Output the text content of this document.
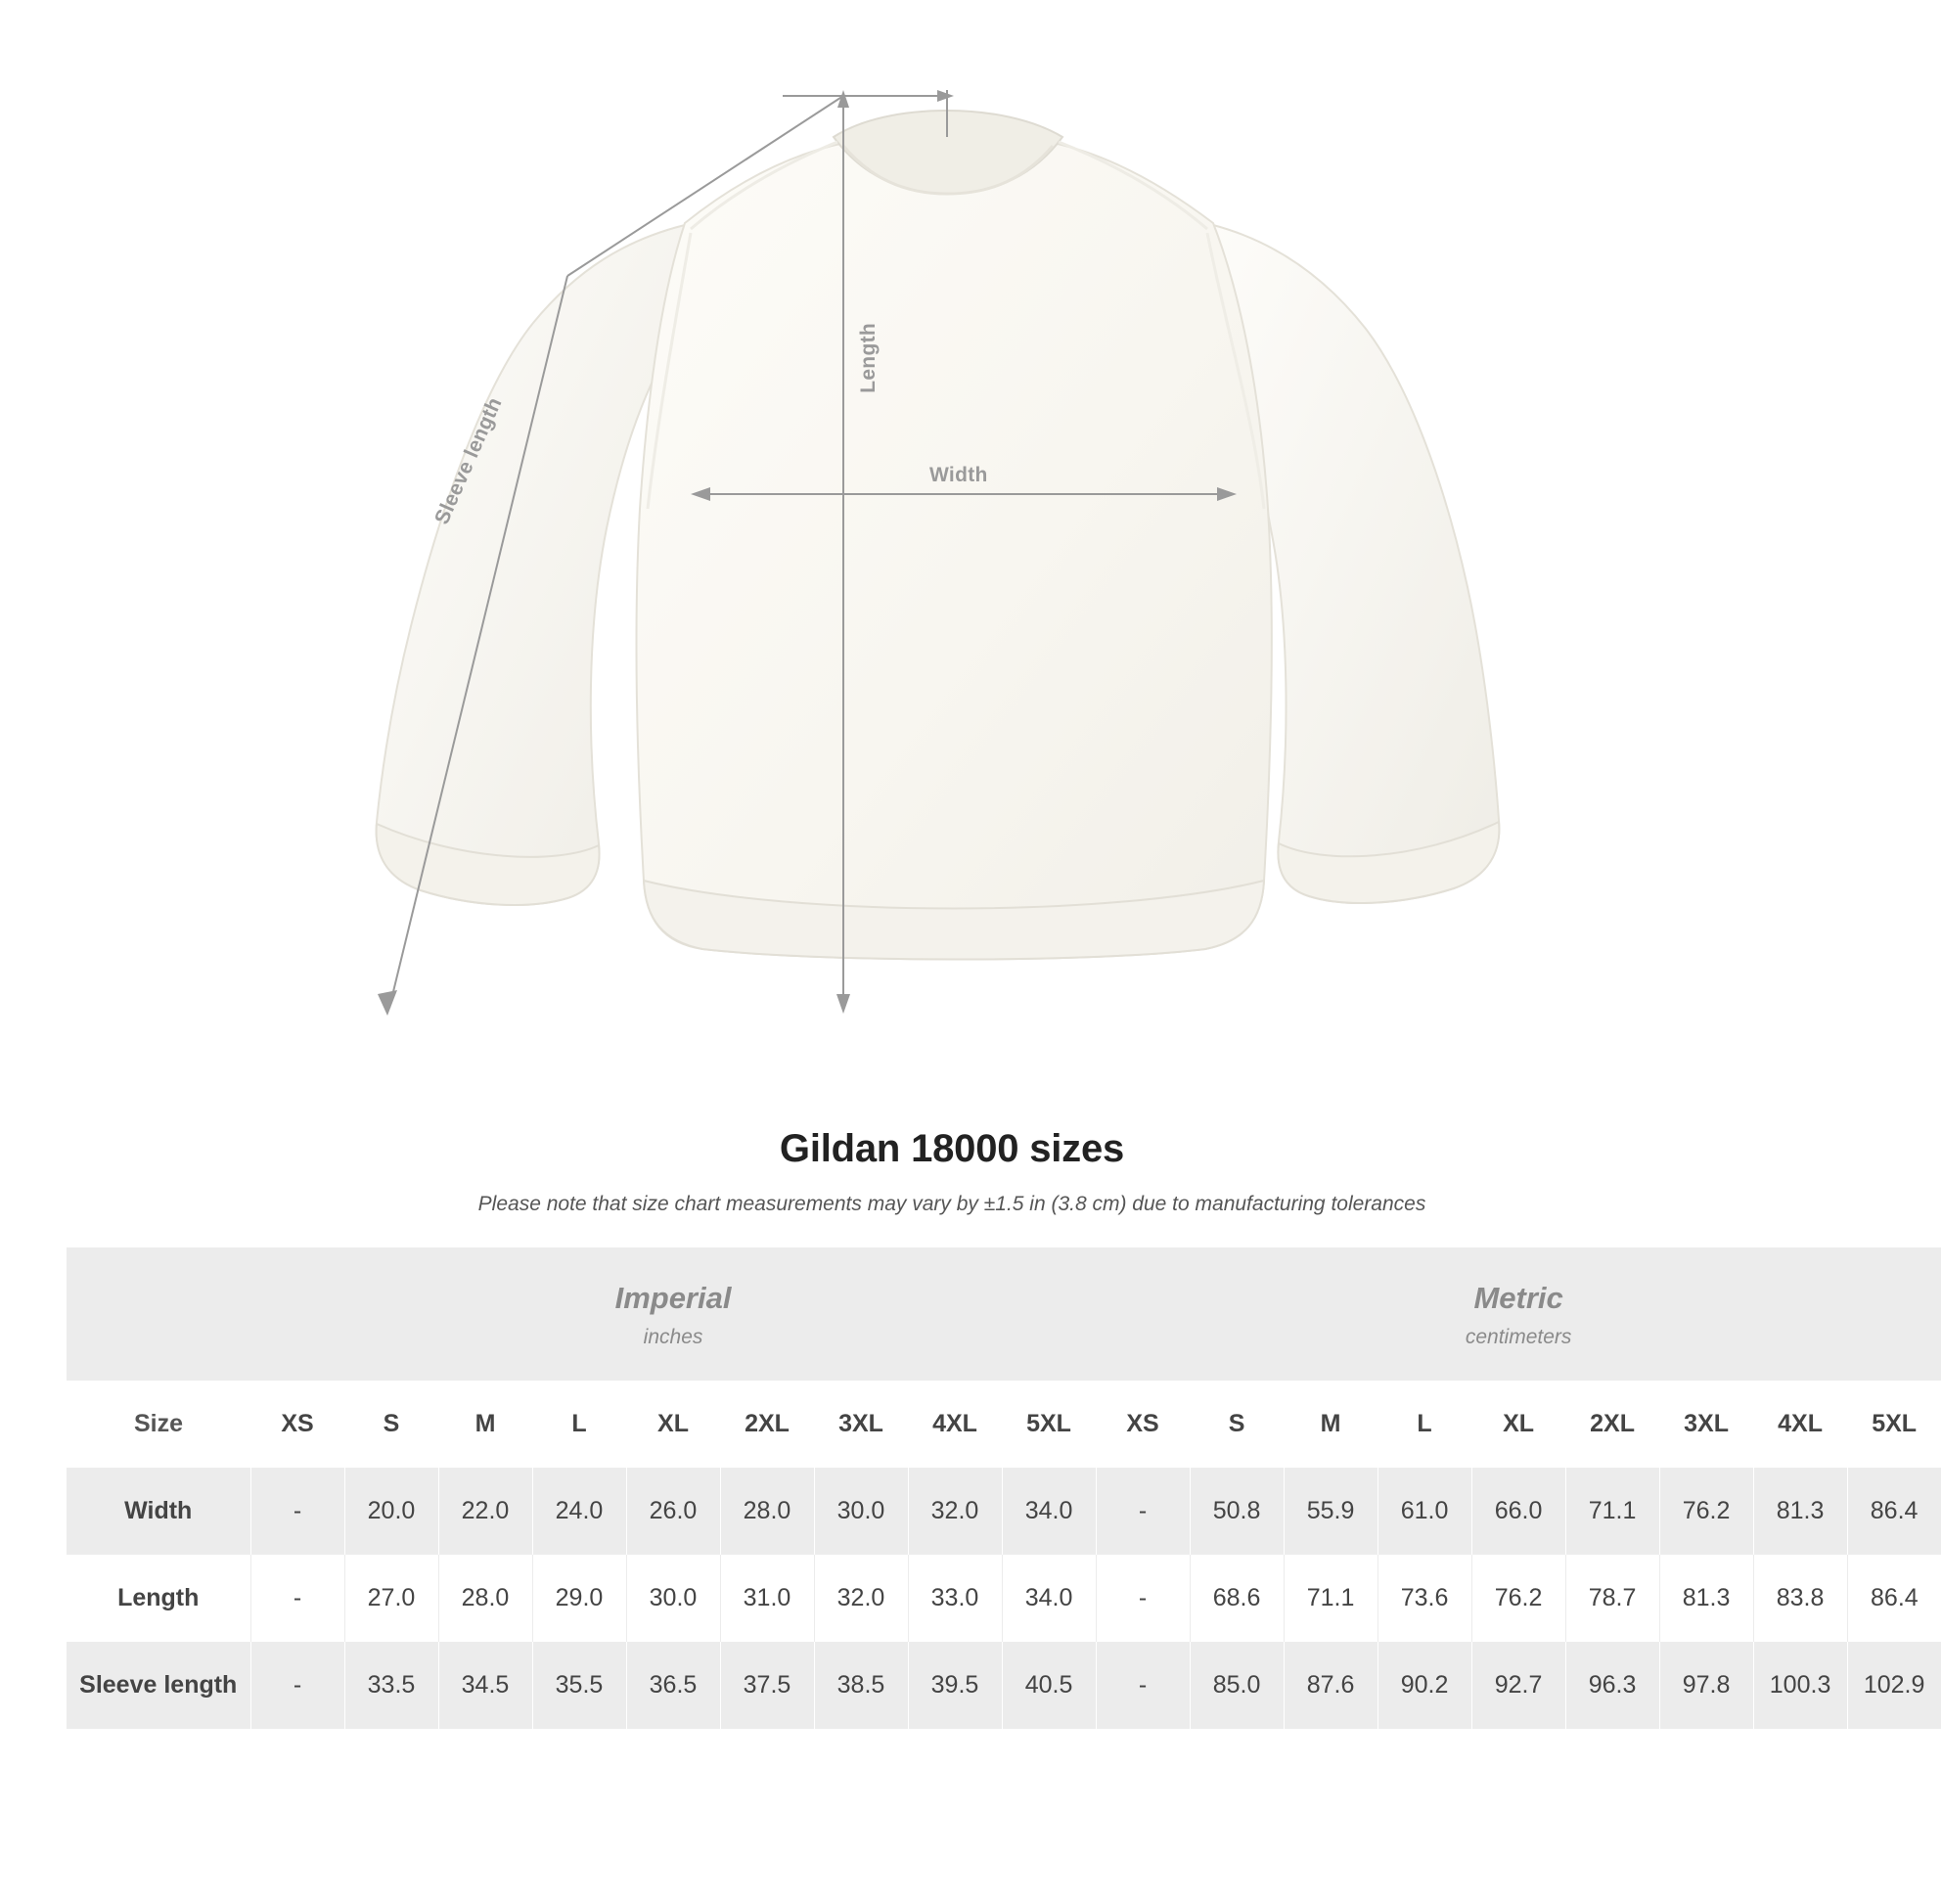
Width
Length
Sleeve length
Gildan 18000 sizes
Please note that size chart measurements may vary by ±1.5 in (3.8 cm) due to manufacturing tolerances

	Imperial
inches									Metric
centimeters								

Size	XS	S	M	L	XL	2XL	3XL	4XL	5XL	XS	S	M	L	XL	2XL	3XL	4XL	5XL
Width	-	20.0	22.0	24.0	26.0	28.0	30.0	32.0	34.0	-	50.8	55.9	61.0	66.0	71.1	76.2	81.3	86.4
Length	-	27.0	28.0	29.0	30.0	31.0	32.0	33.0	34.0	-	68.6	71.1	73.6	76.2	78.7	81.3	83.8	86.4
Sleeve length	-	33.5	34.5	35.5	36.5	37.5	38.5	39.5	40.5	-	85.0	87.6	90.2	92.7	96.3	97.8	100.3	102.9
